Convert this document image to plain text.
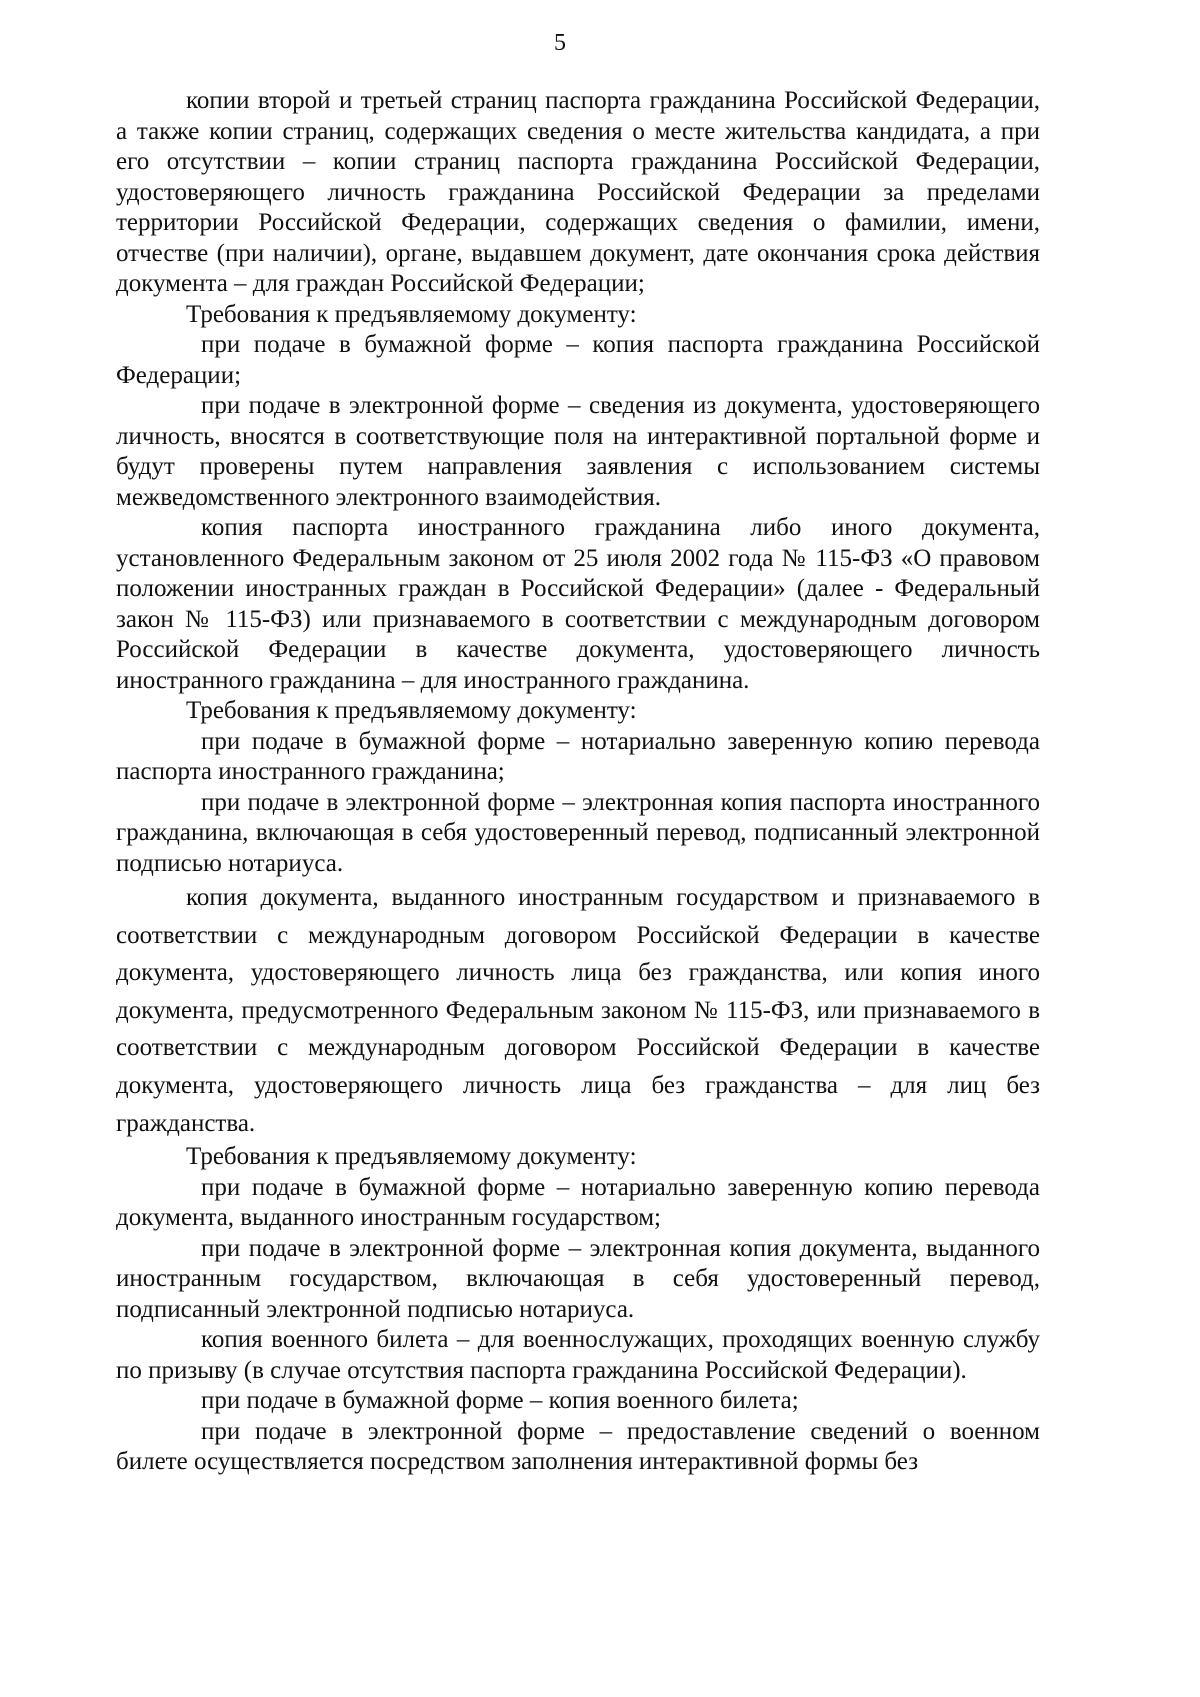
5

копии второй и третьей страниц паспорта гражданина Российской Федерации, а также копии страниц, содержащих сведения о месте жительства кандидата, а при его отсутствии – копии страниц паспорта гражданина Российской Федерации, удостоверяющего личность гражданина Российской Федерации за пределами территории Российской Федерации, содержащих сведения о фамилии, имени, отчестве (при наличии), органе, выдавшем документ, дате окончания срока действия документа – для граждан Российской Федерации;

Требования к предъявляемому документу:

при подаче в бумажной форме – копия паспорта гражданина Российской Федерации;

при подаче в электронной форме – сведения из документа, удостоверяющего личность, вносятся в соответствующие поля на интерактивной портальной форме и будут проверены путем направления заявления с использованием системы межведомственного электронного взаимодействия.

копия паспорта иностранного гражданина либо иного документа, установленного Федеральным законом от 25 июля 2002 года № 115-ФЗ «О правовом положении иностранных граждан в Российской Федерации» (далее - Федеральный закон № 115-ФЗ) или признаваемого в соответствии с международным договором Российской Федерации в качестве документа, удостоверяющего личность иностранного гражданина – для иностранного гражданина.

Требования к предъявляемому документу:

при подаче в бумажной форме – нотариально заверенную копию перевода паспорта иностранного гражданина;

при подаче в электронной форме – электронная копия паспорта иностранного гражданина, включающая в себя удостоверенный перевод, подписанный электронной подписью нотариуса.

копия документа, выданного иностранным государством и признаваемого в соответствии с международным договором Российской Федерации в качестве документа, удостоверяющего личность лица без гражданства, или копия иного документа, предусмотренного Федеральным законом № 115-ФЗ, или признаваемого в соответствии с международным договором Российской Федерации в качестве документа, удостоверяющего личность лица без гражданства – для лиц без гражданства.

Требования к предъявляемому документу:

при подаче в бумажной форме – нотариально заверенную копию перевода документа, выданного иностранным государством;

при подаче в электронной форме – электронная копия документа, выданного иностранным государством, включающая в себя удостоверенный перевод, подписанный электронной подписью нотариуса.

копия военного билета – для военнослужащих, проходящих военную службу по призыву (в случае отсутствия паспорта гражданина Российской Федерации).

при подаче в бумажной форме – копия военного билета;

при подаче в электронной форме – предоставление сведений о военном билете осуществляется посредством заполнения интерактивной формы без
